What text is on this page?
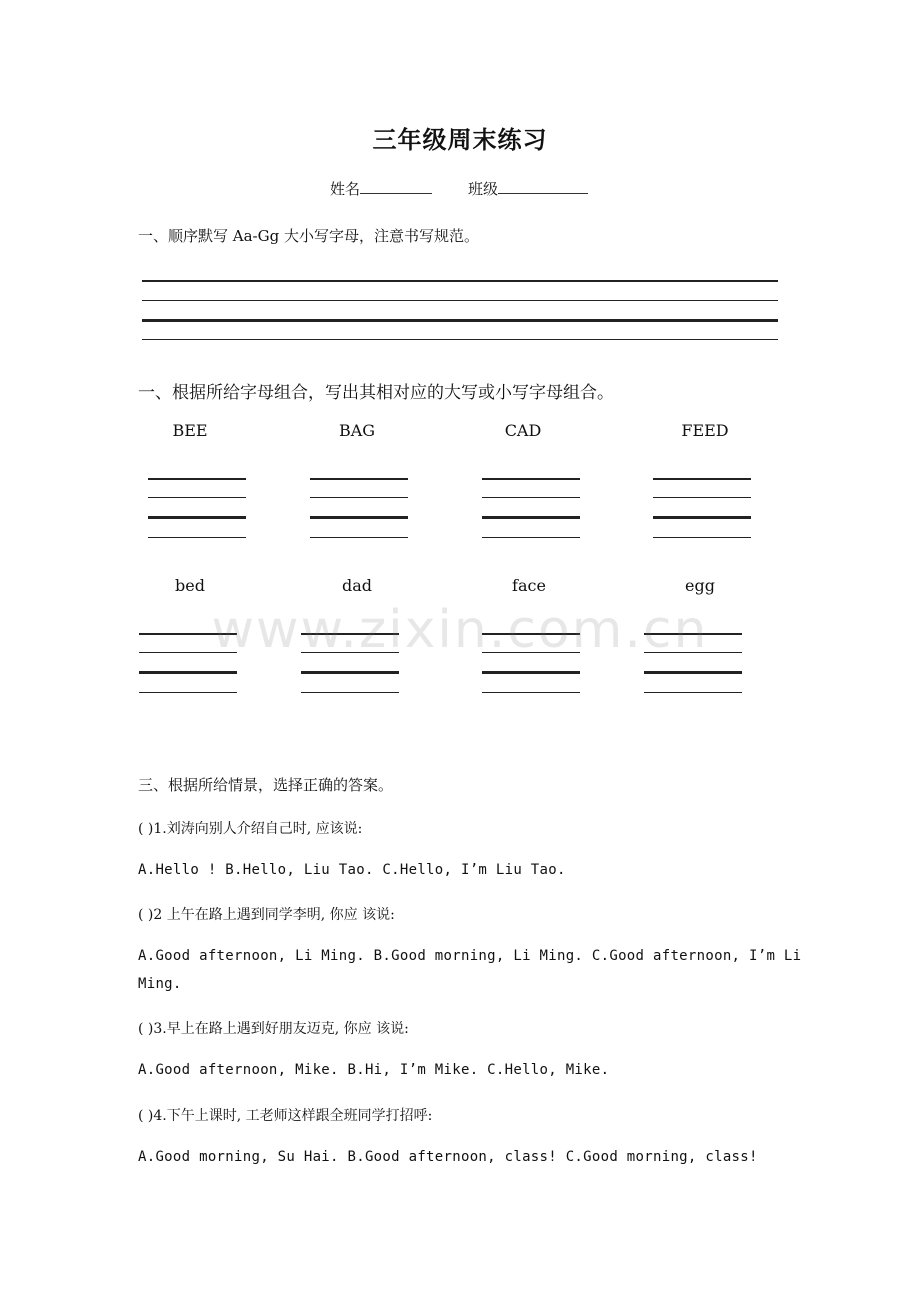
三年级周末练习
姓名	班级
一、顺序默写 Aa-Gg 大小写字母，注意书写规范。
一、根据所给字母组合，写出其相对应的大写或小写字母组合。
BEE	BAG	CAD	FEED
bed	dad	face	egg
www.zixin.com.cn
三、根据所给情景，选择正确的答案。
( )1.刘涛向别人介绍自己时, 应该说:
A.Hello ! B.Hello, Liu Tao. C.Hello, I’m Liu Tao.
( )2 上午在路上遇到同学李明, 你应 该说:
A.Good afternoon, Li Ming. B.Good morning, Li Ming. C.Good afternoon, I’m Li
Ming.
( )3.早上在路上遇到好朋友迈克, 你应 该说:
A.Good afternoon, Mike. B.Hi, I’m Mike. C.Hello, Mike.
( )4.下午上课时, 工老师这样跟全班同学打招呼:
A.Good morning, Su Hai. B.Good afternoon, class! C.Good morning, class!
